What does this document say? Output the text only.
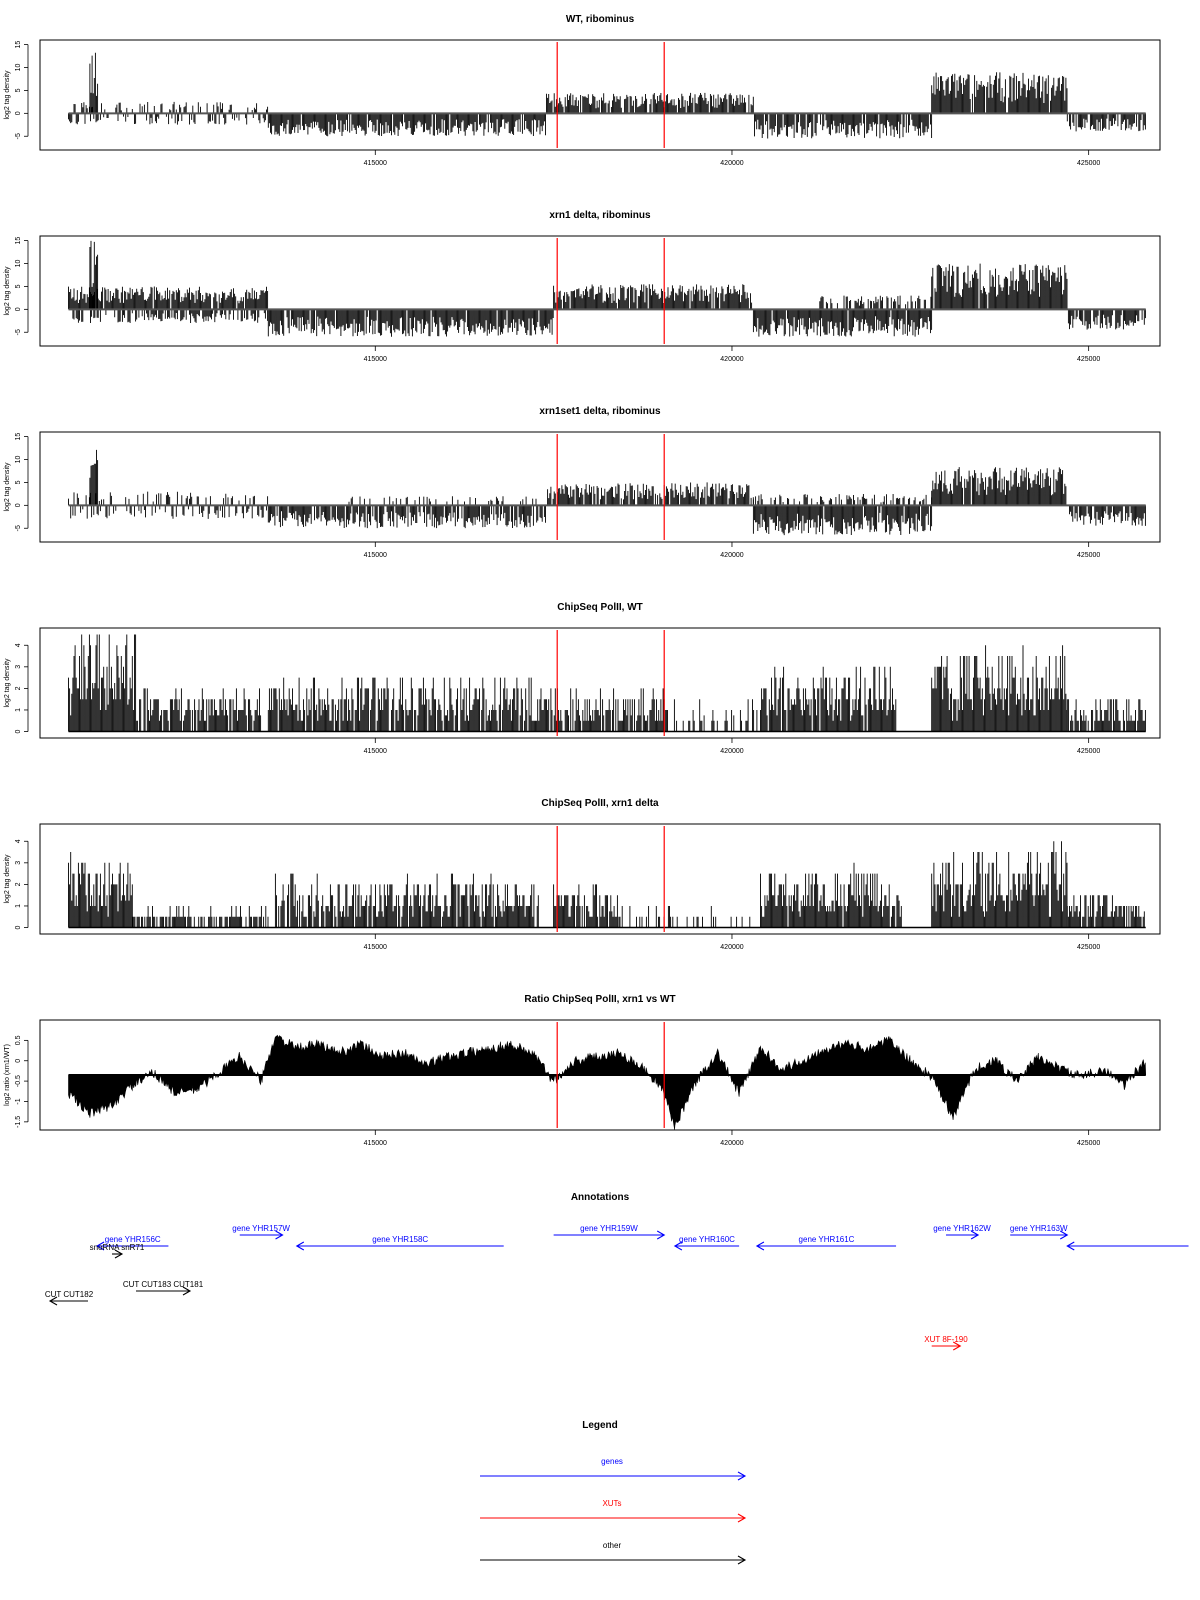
WT, ribominus
-5
0
5
10
15
log2 tag density
415000	420000	425000
xrn1 delta, ribominus
-5
0
5
10
15
log2 tag density
415000	420000	425000
xrn1set1 delta, ribominus
-5
0
5
10
15
log2 tag density
415000	420000	425000
ChipSeq PolII, WT
0
1
2
3
4
log2 tag density
415000	420000	425000
ChipSeq PolII, xrn1 delta
0
1
2
3
4
log2 tag density
415000	420000	425000
Ratio ChipSeq PolII, xrn1 vs WT
-1.5
-1
-0.5
0
0.5
log2 ratio (xrn1/WT)
415000	420000	425000
Annotations
gene YHR156C
gene YHR157W
gene YHR158C
gene YHR159W
gene YHR160C	gene YHR161C
gene YHR162W gene YHR163W
XUT 8F-190
snoRNA snR71
CUT CUT182
CUT CUT183 CUT181
Legend
genes
XUTs
other
